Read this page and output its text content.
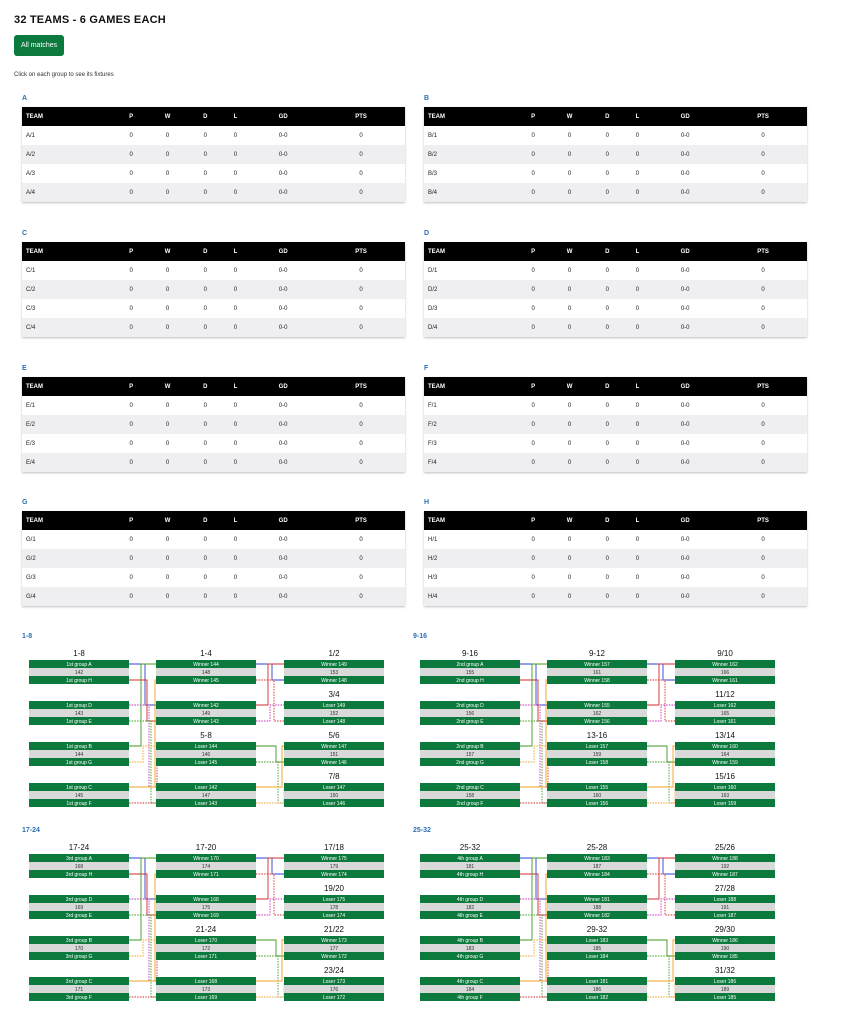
32 TEAMS - 6 GAMES EACH
All matches
Click on each group to see its fixtures
A
TEAM	P	W	D	L	GD	PTS
A/1	0	0	0	0	0-0	0
A/2	0	0	0	0	0-0	0
A/3	0	0	0	0	0-0	0
A/4	0	0	0	0	0-0	0
B
TEAM	P	W	D	L	GD	PTS
B/1	0	0	0	0	0-0	0
B/2	0	0	0	0	0-0	0
B/3	0	0	0	0	0-0	0
B/4	0	0	0	0	0-0	0
C
TEAM	P	W	D	L	GD	PTS
C/1	0	0	0	0	0-0	0
C/2	0	0	0	0	0-0	0
C/3	0	0	0	0	0-0	0
C/4	0	0	0	0	0-0	0
D
TEAM	P	W	D	L	GD	PTS
D/1	0	0	0	0	0-0	0
D/2	0	0	0	0	0-0	0
D/3	0	0	0	0	0-0	0
D/4	0	0	0	0	0-0	0
E
TEAM	P	W	D	L	GD	PTS
E/1	0	0	0	0	0-0	0
E/2	0	0	0	0	0-0	0
E/3	0	0	0	0	0-0	0
E/4	0	0	0	0	0-0	0
F
TEAM	P	W	D	L	GD	PTS
F/1	0	0	0	0	0-0	0
F/2	0	0	0	0	0-0	0
F/3	0	0	0	0	0-0	0
F/4	0	0	0	0	0-0	0
G
TEAM	P	W	D	L	GD	PTS
G/1	0	0	0	0	0-0	0
G/2	0	0	0	0	0-0	0
G/3	0	0	0	0	0-0	0
G/4	0	0	0	0	0-0	0
H
TEAM	P	W	D	L	GD	PTS
H/1	0	0	0	0	0-0	0
H/2	0	0	0	0	0-0	0
H/3	0	0	0	0	0-0	0
H/4	0	0	0	0	0-0	0
1-8
1-8	1-4
5-8
1/2
3/4
5/6
7/8
1st group A
142
1st group H
1st group D
143
1st group E
1st group B
144
1st group G
1st group C
145
1st group F
Winner 144
148
Winner 145
Winner 142
149
Winner 143
Loser 144
146
Loser 145
Loser 142
147
Loser 143
Winner 149
153
Winner 148
Loser 149
152
Loser 148
Winner 147
151
Winner 146
Loser 147
150
Loser 146
9-16
9-16	9-12
13-16
9/10
11/12
13/14
15/16
2nd group A
155
2nd group H
2nd group D
156
2nd group E
2nd group B
157
2nd group G
2nd group C
158
2nd group F
Winner 157
161
Winner 158
Winner 155
162
Winner 156
Loser 157
159
Loser 158
Loser 155
160
Loser 156
Winner 162
166
Winner 161
Loser 162
165
Loser 161
Winner 160
164
Winner 159
Loser 160
163
Loser 159
17-24
17-24	17-20
21-24
17/18
19/20
21/22
23/24
3rd group A
168
3rd group H
3rd group D
169
3rd group E
3rd group B
170
3rd group G
3rd group C
171
3rd group F
Winner 170
174
Winner 171
Winner 168
175
Winner 169
Loser 170
172
Loser 171
Loser 168
173
Loser 169
Winner 175
179
Winner 174
Loser 175
178
Loser 174
Winner 173
177
Winner 172
Loser 173
176
Loser 172
25-32
25-32	25-28
29-32
25/26
27/28
29/30
31/32
4th group A
181
4th group H
4th group D
182
4th group E
4th group B
183
4th group G
4th group C
184
4th group F
Winner 183
187
Winner 184
Winner 181
188
Winner 182
Loser 183
185
Loser 184
Loser 181
186
Loser 182
Winner 188
192
Winner 187
Loser 188
191
Loser 187
Winner 186
190
Winner 185
Loser 186
189
Loser 185
